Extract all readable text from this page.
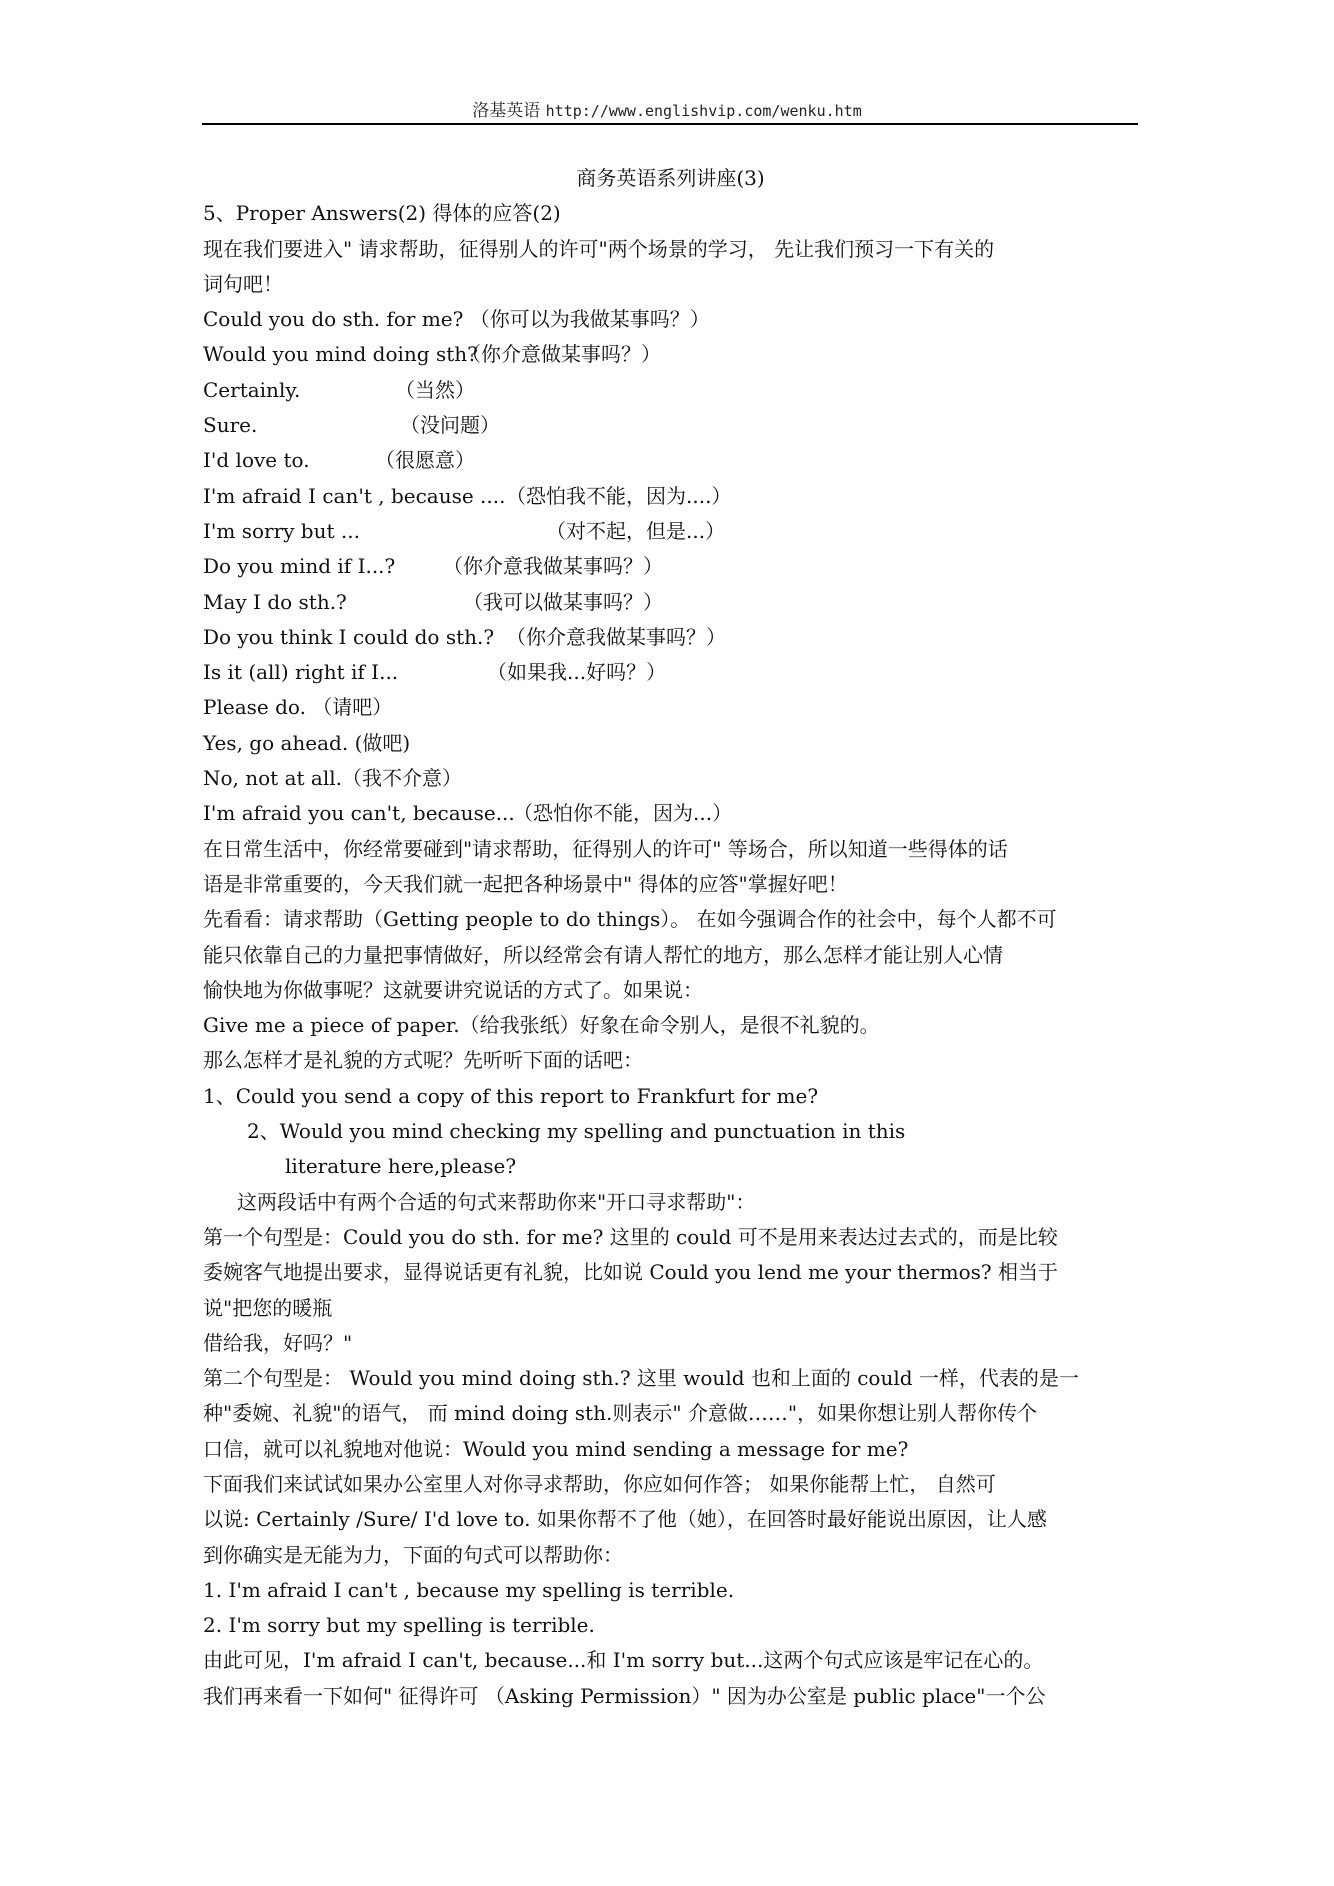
洛基英语 http://www.englishvip.com/wenku.htm
商务英语系列讲座(3)
5、Proper Answers(2) 得体的应答(2)
现在我们要进入" 请求帮助，征得别人的许可"两个场景的学习， 先让我们预习一下有关的
词句吧！
Could you do sth. for me? （你可以为我做某事吗？）
Would you mind doing sth?（你介意做某事吗？）
Certainly.	（当然）
Sure.	（没问题）
I'd love to.	（很愿意）
I'm afraid I can't , because ....（恐怕我不能，因为....）
I'm sorry but ...	（对不起，但是...）
Do you mind if I...? （你介意我做某事吗？）
May I do sth.?	（我可以做某事吗？）
Do you think I could do sth.? （你介意我做某事吗？）
Is it (all) right if I...	（如果我...好吗？）
Please do. （请吧）
Yes, go ahead. (做吧)
No, not at all.（我不介意）
I'm afraid you can't, because...（恐怕你不能，因为...）
在日常生活中，你经常要碰到"请求帮助，征得别人的许可" 等场合，所以知道一些得体的话
语是非常重要的，今天我们就一起把各种场景中" 得体的应答"掌握好吧！
先看看：请求帮助（Getting people to do things）。 在如今强调合作的社会中，每个人都不可
能只依靠自己的力量把事情做好，所以经常会有请人帮忙的地方，那么怎样才能让别人心情
愉快地为你做事呢？这就要讲究说话的方式了。如果说：
Give me a piece of paper.（给我张纸）好象在命令别人，是很不礼貌的。
那么怎样才是礼貌的方式呢？先听听下面的话吧：
1、Could you send a copy of this report to Frankfurt for me?
2、Would you mind checking my spelling and punctuation in this
literature here,please?
这两段话中有两个合适的句式来帮助你来"开口寻求帮助"：
第一个句型是：Could you do sth. for me? 这里的 could 可不是用来表达过去式的，而是比较
委婉客气地提出要求，显得说话更有礼貌，比如说 Could you lend me your thermos? 相当于
说"把您的暖瓶
借给我，好吗？"
第二个句型是： Would you mind doing sth.? 这里 would 也和上面的 could 一样，代表的是一
种"委婉、礼貌"的语气， 而 mind doing sth.则表示" 介意做……"，如果你想让别人帮你传个
口信，就可以礼貌地对他说：Would you mind sending a message for me?
下面我们来试试如果办公室里人对你寻求帮助，你应如何作答； 如果你能帮上忙， 自然可
以说: Certainly /Sure/ I'd love to. 如果你帮不了他（她），在回答时最好能说出原因，让人感
到你确实是无能为力，下面的句式可以帮助你：
1. I'm afraid I can't , because my spelling is terrible.
2. I'm sorry but my spelling is terrible.
由此可见，I'm afraid I can't, because...和 I'm sorry but...这两个句式应该是牢记在心的。
我们再来看一下如何" 征得许可 （Asking Permission）" 因为办公室是 public place"一个公
